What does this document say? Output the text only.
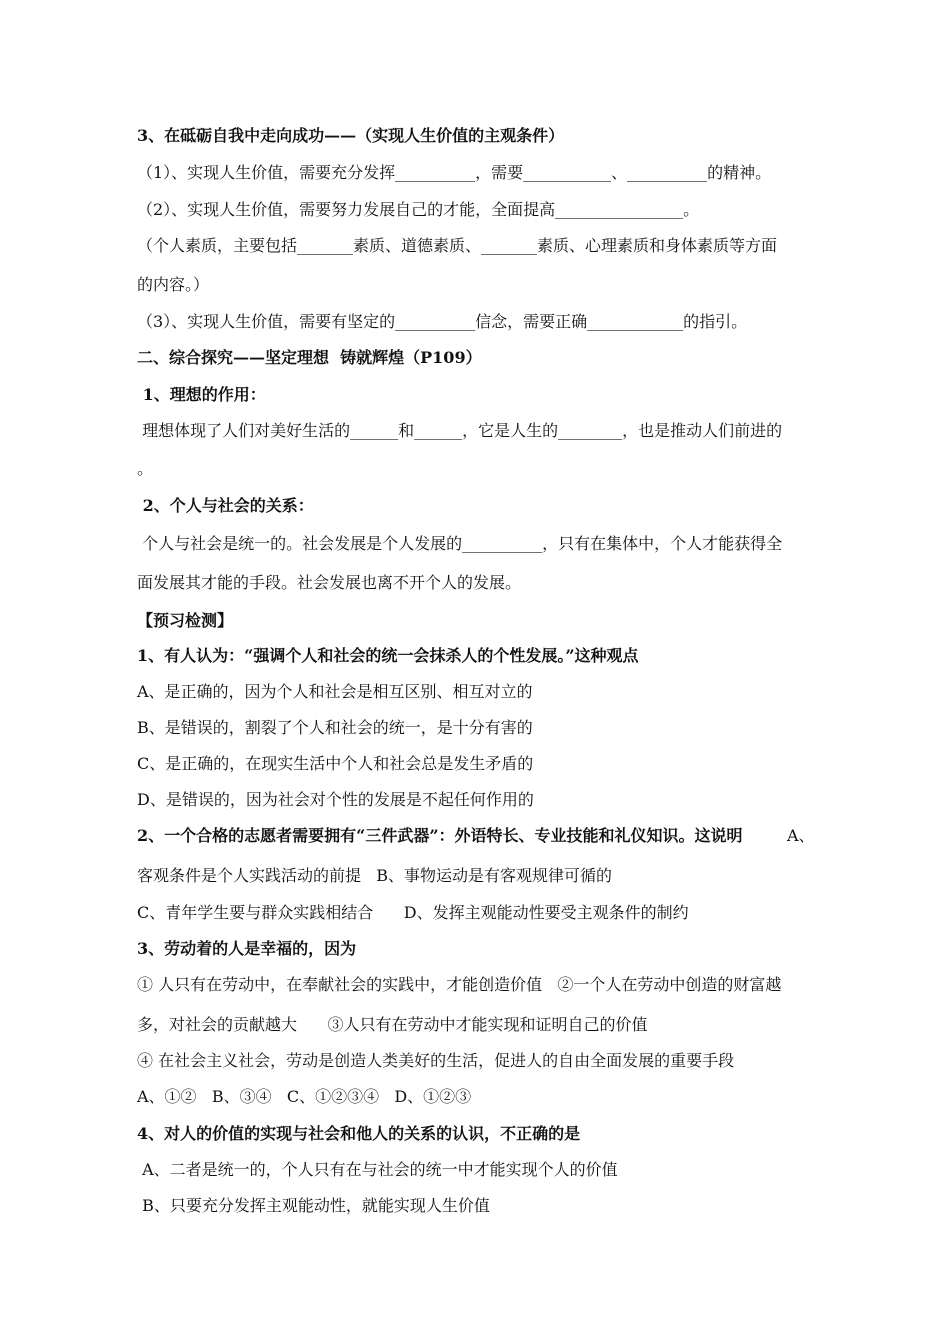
3、在砥砺自我中走向成功——（实现人生价值的主观条件）
（1）、实现人生价值，需要充分发挥__________，需要___________、__________的精神。
（2）、实现人生价值，需要努力发展自己的才能，全面提高________________。
（个人素质，主要包括_______素质、道德素质、_______素质、心理素质和身体素质等方面
的内容。）
（3）、实现人生价值，需要有坚定的__________信念，需要正确____________的指引。
二、综合探究——坚定理想  铸就辉煌（P109）
1、理想的作用：
理想体现了人们对美好生活的______和______，它是人生的________，也是推动人们前进的
。
2、个人与社会的关系：
个人与社会是统一的。社会发展是个人发展的__________，只有在集体中，个人才能获得全
面发展其才能的手段。社会发展也离不开个人的发展。
【预习检测】
1、有人认为：“强调个人和社会的统一会抹杀人的个性发展。”这种观点
A、是正确的，因为个人和社会是相互区别、相互对立的
B、是错误的，割裂了个人和社会的统一，是十分有害的
C、是正确的，在现实生活中个人和社会总是发生矛盾的
D、是错误的，因为社会对个性的发展是不起任何作用的
2、一个合格的志愿者需要拥有“三件武器”：外语特长、专业技能和礼仪知识。这说明	A、
客观条件是个人实践活动的前提   B、事物运动是有客观规律可循的
C、青年学生要与群众实践相结合      D、发挥主观能动性要受主观条件的制约
3、劳动着的人是幸福的，因为
① 人只有在劳动中，在奉献社会的实践中，才能创造价值   ②一个人在劳动中创造的财富越
多，对社会的贡献越大      ③人只有在劳动中才能实现和证明自己的价值
④ 在社会主义社会，劳动是创造人类美好的生活，促进人的自由全面发展的重要手段
A、①②   B、③④   C、①②③④   D、①②③
4、对人的价值的实现与社会和他人的关系的认识，不正确的是
A、二者是统一的，个人只有在与社会的统一中才能实现个人的价值
B、只要充分发挥主观能动性，就能实现人生价值
